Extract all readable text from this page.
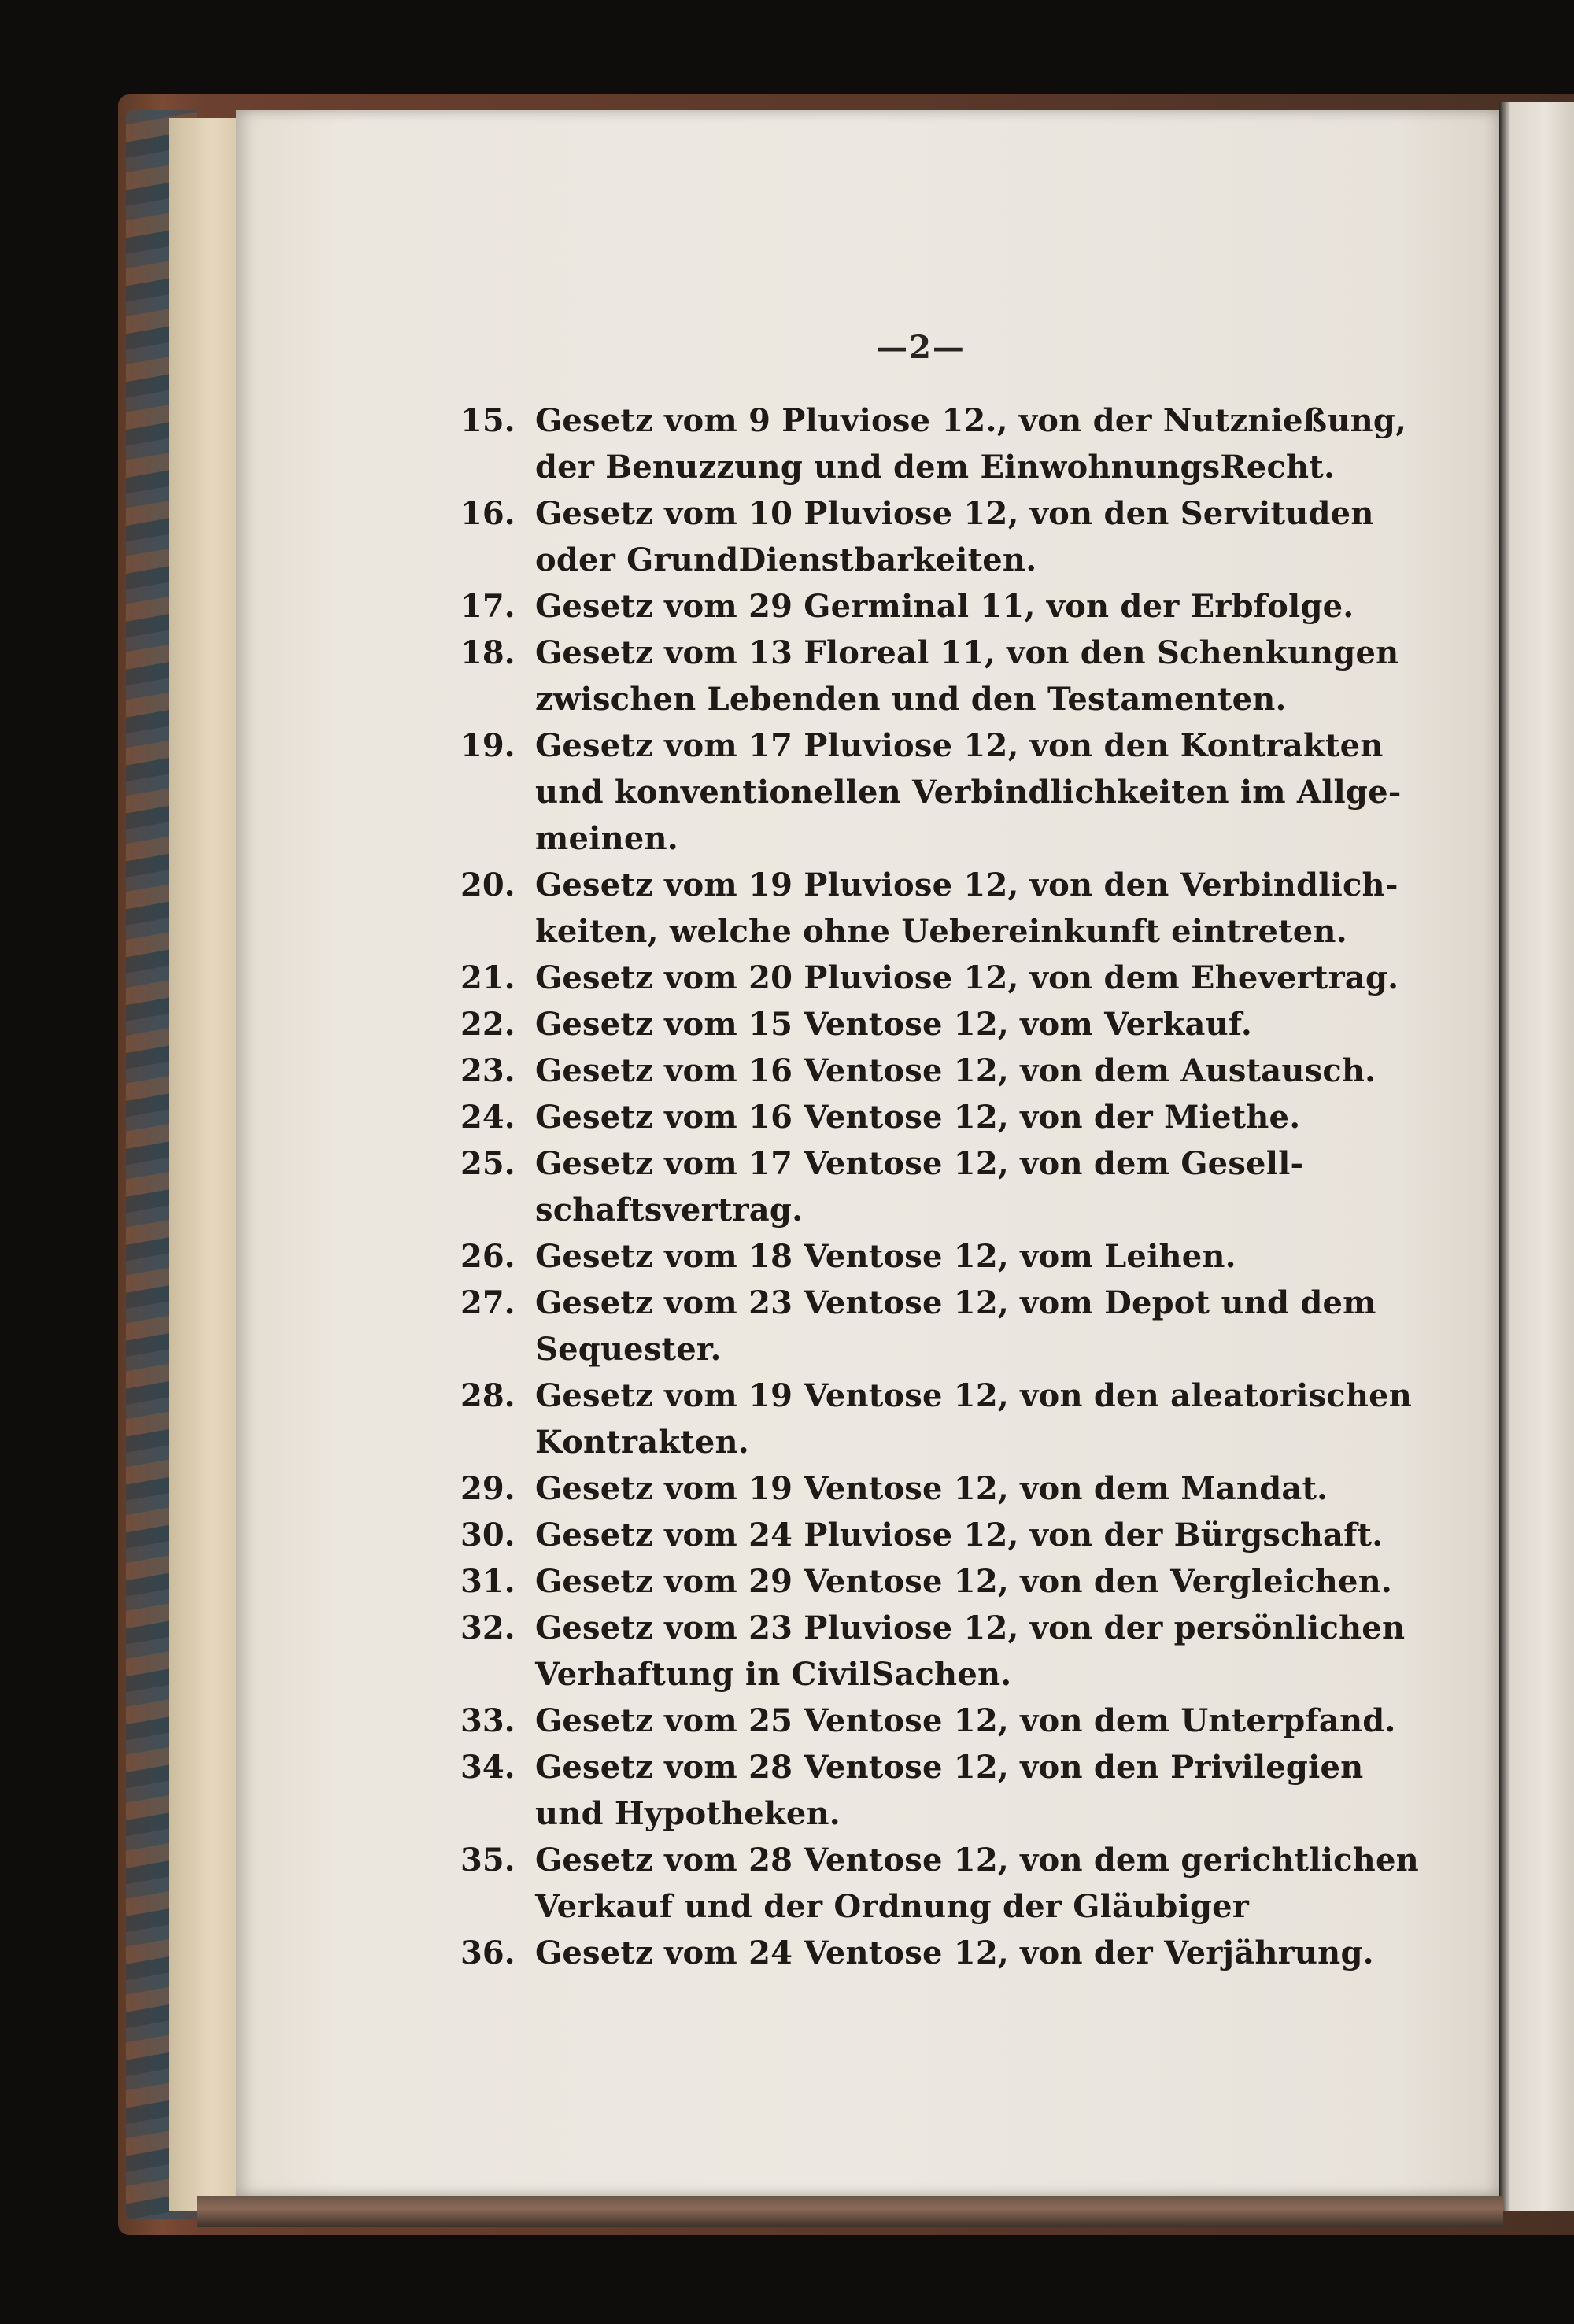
—2—
15. Gesetz vom 9 Pluviose 12., von der Nutznießung,
der Benuzzung und dem EinwohnungsRecht.
16. Gesetz vom 10 Pluviose 12, von den Servituden
oder GrundDienstbarkeiten.
17. Gesetz vom 29 Germinal 11, von der Erbfolge.
18. Gesetz vom 13 Floreal 11, von den Schenkungen
zwischen Lebenden und den Testamenten.
19. Gesetz vom 17 Pluviose 12, von den Kontrakten
und konventionellen Verbindlichkeiten im Allge-
meinen.
20. Gesetz vom 19 Pluviose 12, von den Verbindlich-
keiten, welche ohne Uebereinkunft eintreten.
21. Gesetz vom 20 Pluviose 12, von dem Ehevertrag.
22. Gesetz vom 15 Ventose 12, vom Verkauf.
23. Gesetz vom 16 Ventose 12, von dem Austausch.
24. Gesetz vom 16 Ventose 12, von der Miethe.
25. Gesetz vom 17 Ventose 12, von dem Gesell-
schaftsvertrag.
26. Gesetz vom 18 Ventose 12, vom Leihen.
27. Gesetz vom 23 Ventose 12, vom Depot und dem
Sequester.
28. Gesetz vom 19 Ventose 12, von den aleatorischen
Kontrakten.
29. Gesetz vom 19 Ventose 12, von dem Mandat.
30. Gesetz vom 24 Pluviose 12, von der Bürgschaft.
31. Gesetz vom 29 Ventose 12, von den Vergleichen.
32. Gesetz vom 23 Pluviose 12, von der persönlichen
Verhaftung in CivilSachen.
33. Gesetz vom 25 Ventose 12, von dem Unterpfand.
34. Gesetz vom 28 Ventose 12, von den Privilegien
und Hypotheken.
35. Gesetz vom 28 Ventose 12, von dem gerichtlichen
Verkauf und der Ordnung der Gläubiger
36. Gesetz vom 24 Ventose 12, von der Verjährung.
